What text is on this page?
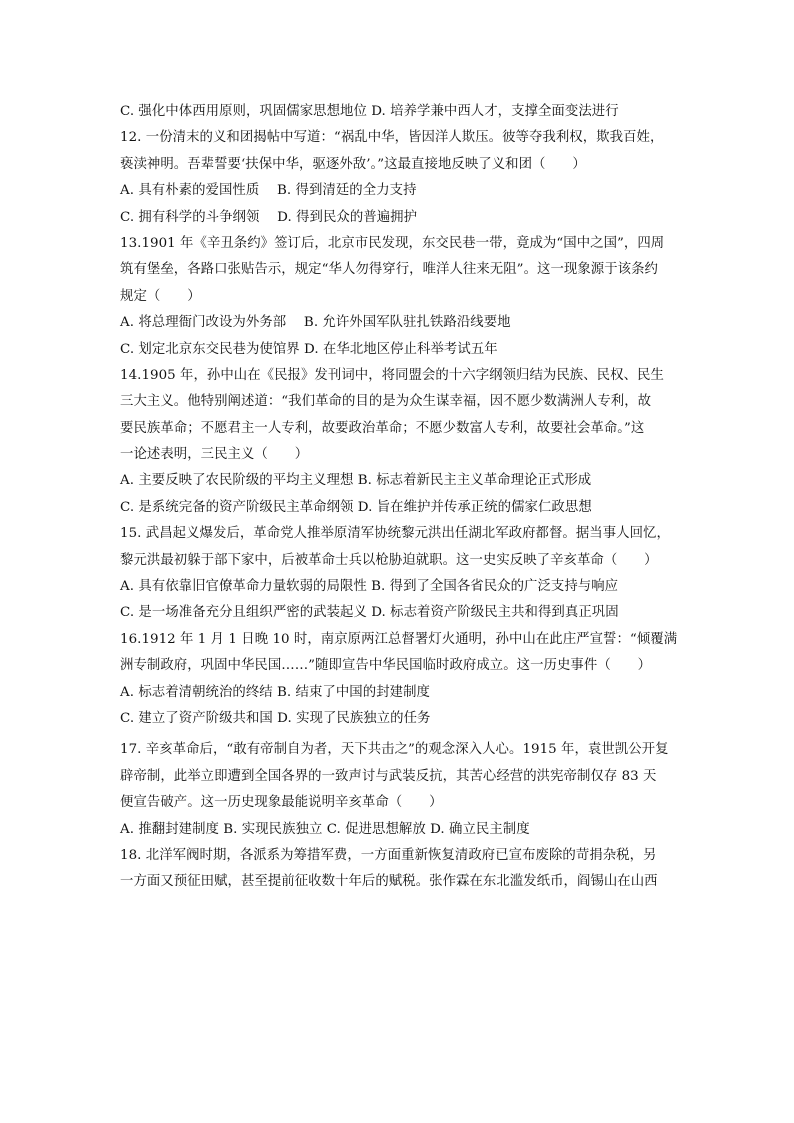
C. 强化中体西用原则，巩固儒家思想地位 D. 培养学兼中西人才，支撑全面变法进行
12. 一份清末的义和团揭帖中写道：“祸乱中华，皆因洋人欺压。彼等夺我利权，欺我百姓，
亵渎神明。吾辈誓要‘扶保中华，驱逐外敌’。”这最直接地反映了义和团（　　）
A. 具有朴素的爱国性质　 B. 得到清廷的全力支持
C. 拥有科学的斗争纲领　 D. 得到民众的普遍拥护
13.1901 年《辛丑条约》签订后，北京市民发现，东交民巷一带，竟成为“国中之国”，四周
筑有堡垒，各路口张贴告示，规定“华人勿得穿行，唯洋人往来无阻”。这一现象源于该条约
规定（　　）
A. 将总理衙门改设为外务部　 B. 允许外国军队驻扎铁路沿线要地
C. 划定北京东交民巷为使馆界 D. 在华北地区停止科举考试五年
14.1905 年，孙中山在《民报》发刊词中，将同盟会的十六字纲领归结为民族、民权、民生
三大主义。他特别阐述道：“我们革命的目的是为众生谋幸福，因不愿少数满洲人专利，故
要民族革命；不愿君主一人专利，故要政治革命；不愿少数富人专利，故要社会革命。”这
一论述表明，三民主义（　　）
A. 主要反映了农民阶级的平均主义理想 B. 标志着新民主主义革命理论正式形成
C. 是系统完备的资产阶级民主革命纲领 D. 旨在维护并传承正统的儒家仁政思想
15. 武昌起义爆发后，革命党人推举原清军协统黎元洪出任湖北军政府都督。据当事人回忆，
黎元洪最初躲于部下家中，后被革命士兵以枪胁迫就职。这一史实反映了辛亥革命（　　）
A. 具有依靠旧官僚革命力量软弱的局限性 B. 得到了全国各省民众的广泛支持与响应
C. 是一场准备充分且组织严密的武装起义 D. 标志着资产阶级民主共和得到真正巩固
16.1912 年 1 月 1 日晚 10 时，南京原两江总督署灯火通明，孙中山在此庄严宣誓：“倾覆满
洲专制政府，巩固中华民国……”随即宣告中华民国临时政府成立。这一历史事件（　　）
A. 标志着清朝统治的终结 B. 结束了中国的封建制度
C. 建立了资产阶级共和国 D. 实现了民族独立的任务
17. 辛亥革命后，“敢有帝制自为者，天下共击之”的观念深入人心。1915 年，袁世凯公开复
辟帝制，此举立即遭到全国各界的一致声讨与武装反抗，其苦心经营的洪宪帝制仅存 83 天
便宣告破产。这一历史现象最能说明辛亥革命（　　）
A. 推翻封建制度 B. 实现民族独立 C. 促进思想解放 D. 确立民主制度
18. 北洋军阀时期，各派系为筹措军费，一方面重新恢复清政府已宣布废除的苛捐杂税，另
一方面又预征田赋，甚至提前征收数十年后的赋税。张作霖在东北滥发纸币，阎锡山在山西
